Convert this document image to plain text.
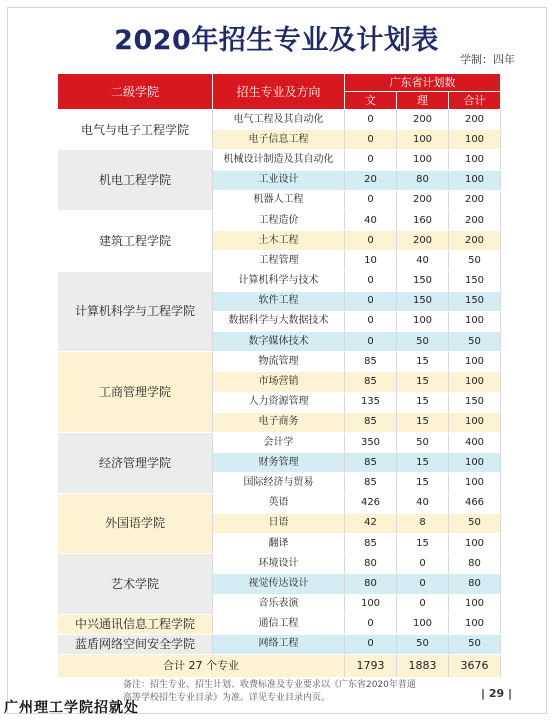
2020年招生专业及计划表
学制：四年
二级学院	招生专业及方向	广东省计划数		
		文	理	合计
电气与电子工程学院	电气工程及其自动化	0	200	200
	电子信息工程	0	100	100
机电工程学院	机械设计制造及其自动化	0	100	100
	工业设计	20	80	100
	机器人工程	0	200	200
建筑工程学院	工程造价	40	160	200
	土木工程	0	200	200
	工程管理	10	40	50
计算机科学与工程学院	计算机科学与技术	0	150	150
	软件工程	0	150	150
	数据科学与大数据技术	0	100	100
	数字媒体技术	0	50	50
工商管理学院	物流管理	85	15	100
	市场营销	85	15	100
	人力资源管理	135	15	150
	电子商务	85	15	100
经济管理学院	会计学	350	50	400
	财务管理	85	15	100
	国际经济与贸易	85	15	100
外国语学院	英语	426	40	466
	日语	42	8	50
	翻译	85	15	100
艺术学院	环境设计	80	0	80
	视觉传达设计	80	0	80
	音乐表演	100	0	100
中兴通讯信息工程学院	通信工程	0	100	100
蓝盾网络空间安全学院	网络工程	0	50	50
合计 27 个专业		1793	1883	3676
备注：招生专业、招生计划、收费标准及专业要求以《广东省2020年普通高等学校招生专业目录》为准。详见专业目录内页。	| 29 |
广州理工学院招就处
